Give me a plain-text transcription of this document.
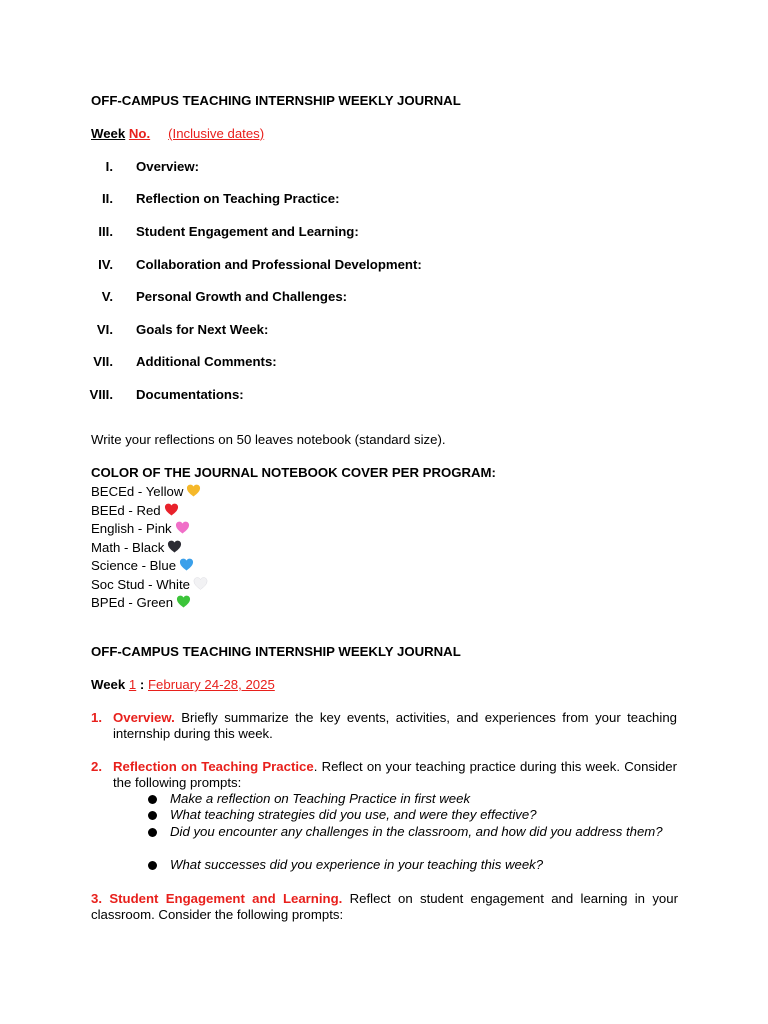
OFF-CAMPUS TEACHING INTERNSHIP WEEKLY JOURNAL
Week No. (Inclusive dates)
I. Overview:
II. Reflection on Teaching Practice:
III. Student Engagement and Learning:
IV. Collaboration and Professional Development:
V. Personal Growth and Challenges:
VI. Goals for Next Week:
VII. Additional Comments:
VIII. Documentations:
Write your reflections on 50 leaves notebook (standard size).
COLOR OF THE JOURNAL NOTEBOOK COVER PER PROGRAM:
BECEd - Yellow
BEEd - Red
English - Pink
Math - Black
Science - Blue
Soc Stud - White
BPEd - Green
OFF-CAMPUS TEACHING INTERNSHIP WEEKLY JOURNAL
Week 1 : February 24-28, 2025
1. Overview. Briefly summarize the key events, activities, and experiences from your teaching internship during this week.
2. Reflection on Teaching Practice. Reflect on your teaching practice during this week. Consider the following prompts:
Make a reflection on Teaching Practice in first week
What teaching strategies did you use, and were they effective?
Did you encounter any challenges in the classroom, and how did you address them?
What successes did you experience in your teaching this week?
3. Student Engagement and Learning. Reflect on student engagement and learning in your classroom. Consider the following prompts:
